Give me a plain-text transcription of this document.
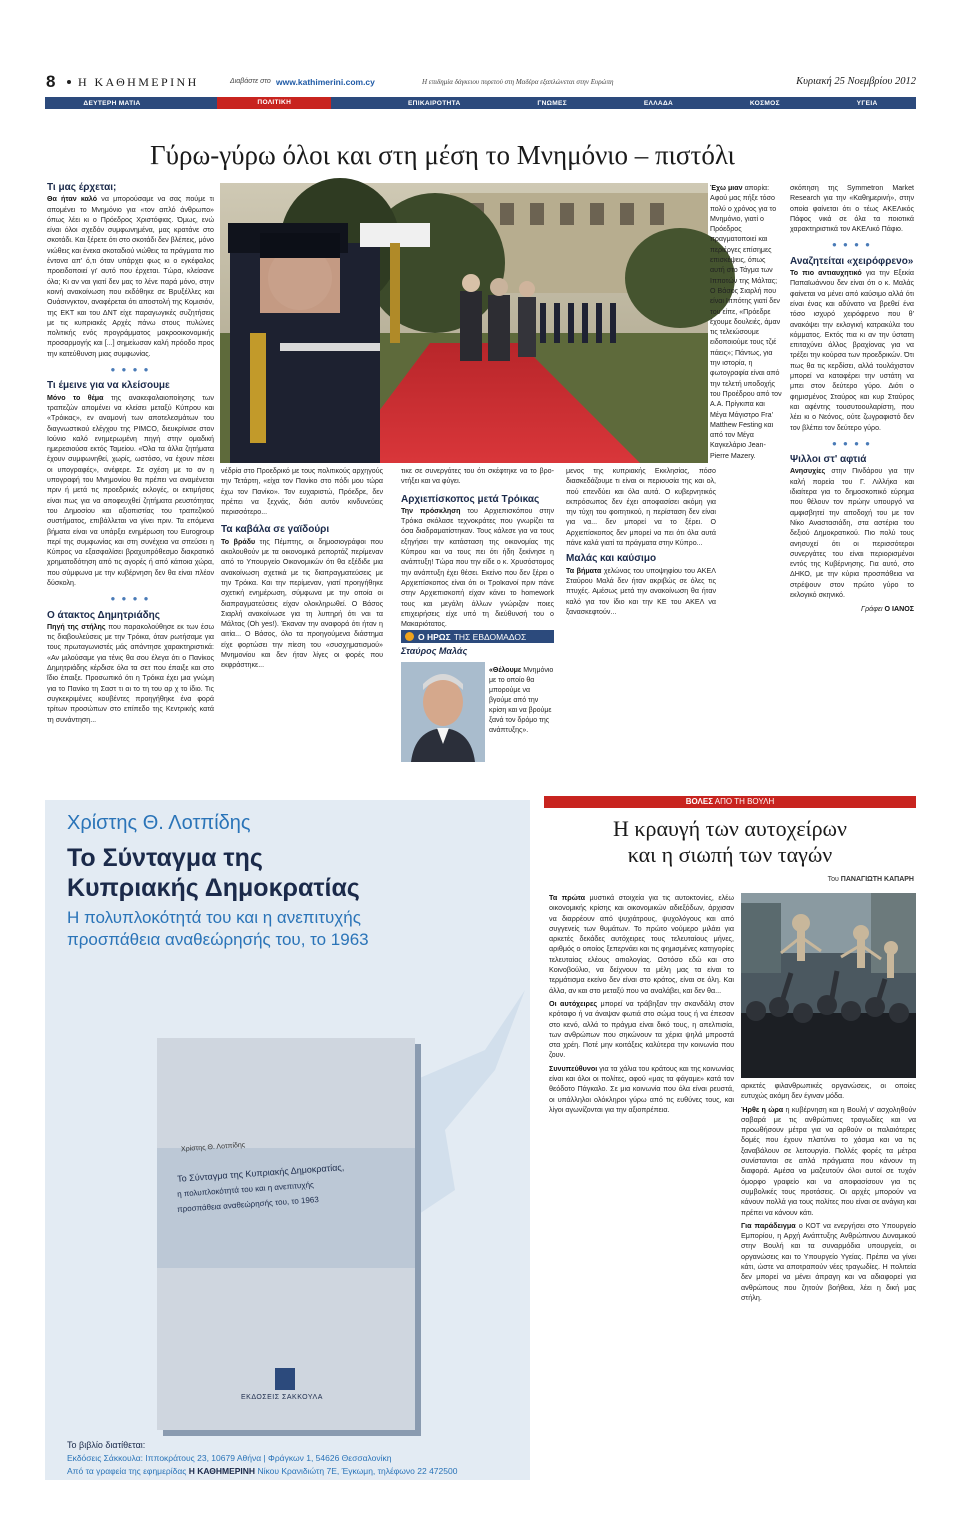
8 Η ΚΑΘΗΜΕΡΙΝΗ	Διαβάστε στο www.kathimerini.com.cy	Η επιδημία δάγκειου πυρετού στη Μαδέρα εξαπλώνεται στην Ευρώπη	Κυριακή 25 Νοεμβρίου 2012
ΔΕΥΤΕΡΗ ΜΑΤΙΑ	ΠΟΛΙΤΙΚΗ	ΕΠΙΚΑΙΡΟΤΗΤΑ	ΓΝΩΜΕΣ	ΕΛΛΑΔΑ	ΚΟΣΜΟΣ	ΥΓΕΙΑ
Γύρω-γύρω όλοι και στη μέση το Μνημόνιο – πιστόλι
Τι μας έρχεται;

Θα ήταν καλό να μπορούσαμε να σας πούμε τι απομένει το Μνημόνιο για «τον απλό άνθρωπο» όπως λέει κι ο Πρόεδρος Χριστόφιας. Όμως, ενώ είναι όλοι σχεδόν συμφωνημένα, μας κρατάνε στο σκοτάδι. Και ξέρετε ότι στο σκοτάδι δεν βλέπεις, μόνο νιώθεις και ένεκα σκοταδιού νιώθεις τα πράγματα πιο έντονα απ' ό,τι όταν υπάρχει φως κι ο εγκέφαλος προειδοποιεί γι' αυτό που έρχεται. Τώρα, κλείσανε όλα; Κι αν ναι γιατί δεν μας το λένε παρά μόνο, στην κοινή ανακοίνωση που εκδόθηκε σε Βρυξέλλες και Ουάσινγκτον, αναφέρεται ότι αποστολή της Κομισιόν, της ΕΚΤ και του ΔΝΤ είχε παραγωγικές συζητήσεις με τις κυπριακές Αρχές πάνω στους πυλώνες πολιτικής ενός προγράμματος μακροοικονομικής προσαρμογής και [...] σημείωσαν καλή πρόοδο προς την κατεύθυνση μιας συμφωνίας.

● ● ● ●
Τι έμεινε για να κλείσουμε

Μόνο το θέμα της ανακεφαλαιοποίησης των τραπεζών απομένει να κλείσει μεταξύ Κύπρου και «Τρόικας», εν αναμονή των αποτελεσμάτων του διαγνωστικού ελέγχου της PIMCO, διευκρίνισε στον Ιούνιο καλό ενημερωμένη πηγή στην ομαδική ημερεσιούσα εκτός Ταμείου. «Όλα τα άλλα ζητήματα έχουν συμφωνηθεί, χωρίς, ωστόσο, να έχουν πέσει οι υπογραφές», ανέφερε. Σε σχέση με το αν η υπογραφή του Μνημονίου θα πρέπει να αναμένεται πριν ή μετά τις προεδρικές εκλογές, οι εκτιμήσεις είναι πως για να αποφευχθεί ζητήματα ρευστότητας του Δημοσίου και αξιοπιστίας του τραπεζικού συστήματος, επιβάλλεται να γίνει πριν. Τα επόμενα βήματα είναι να υπάρξει ενημέρωση του Eurogroup περί της συμφωνίας και στη συνέχεια να σπεύσει η Κύπρος να εξασφαλίσει βραχυπρόθεσμο διακρατικό χρηματοδότηση από τις αγορές ή από κάποια χώρα, που σύμφωνα με την κυβέρνηση δεν θα είναι πλέον δύσκολη.

● ● ● ●
Ο άτακτος Δημητριάδης

Πηγή της στήλης που παρακολούθησε εκ των έσω τις διαβουλεύσεις με την Τρόικα, όταν ρωτήσαμε για τους πρωταγωνιστές μάς απάντησε χαρακτηριστικά: «Αν μιλούσαμε για τένις θα σου έλεγα ότι ο Πανίκος Δημητριάδης κέρδισε όλα τα σετ που έπαιξε και στο ΐδιο έπαιξε. Προσωπικό ότι η Τρόικα έχει μια γνώμη για το Πανίκο τη Σαστ τι αι το τη του αρ χ το ίδιο. Τις συγκεκριμένες κουβέντες προηγήθηκε ένα φορά τρίτων προσώπων στο επίπεδο της Κεντρικής κατά τη συνάντηση...

νέδρία στο Προεδρικό με τους πολιτικούς αρχηγούς την Τετάρτη, «είχα τον Πανίκο στο πόδι μου τώρα έχω τον Πανίκο». Τον ευχαριστώ, Πρόεδρε, δεν πρέπει να ξεχνάς, διότι αυτόν κινδυνεύεις περισσότερο...

Τα καβάλα σε γαϊδούρι

Το βράδυ της Πέμπτης, οι δημοσιογράφοι που ακολουθούν με τα οικονομικά ρεπορτάζ περίμεναν από το Υπουργείο Οικονομικών ότι θα εξέδιδε μια ανακοίνωση σχετικά με τις διαπραγματεύσεις με την Τρόικα. Και την περίμεναν, γιατί προηγήθηκε σχετική ενημέρωση, σύμφωνα με την οποία οι διαπραγματεύσεις είχαν ολοκληρωθεί. Ο Βάσος Σιαρλή ανακοίνωσε για τη λυπηρή ότι ναι τα Μάλτας (Oh yes!). Έκαναν την αναφορά ότι ήταν η αιτία... Ο Βάσος, όλο τα προηγούμενα διάστημα είχε φορτώσει την πίεση του «συσχηματισμού» Μνημονίου και δεν ήταν λίγες οι φορές που εκφράστηκε...

τικε σε συνεργάτες του ότι σκέφτηκε να το βρο- ντήξει και να φύγει.

Αρχιεπίσκοπος μετά Τρόικας

Την πρόσκληση του Αρχιεπισκόπου στην Τρόικα σκόλασε τεχνοκράτες που γνωρίζει τα όσα διαδραματίστηκαν. Τους κάλεσε για να τους εξηγήσει την κατάσταση της οικονομίας της Κύπρου και να τους πει ότι ήδη ξεκίνησε η ανάπτυξη! Τώρα που την είδε ο κ. Χρυσόστομος την ανάπτυξη έχει θέσει. Εκείνο που δεν ξέρει ο Αρχιεπίσκοπος είναι ότι οι Τροϊκανοί πριν πάνε στην Αρχιεπισκοπή είχαν κάνει το homework τους και μεγάλη άλλων γνώριζαν ποιες επιχειρήσεις είχε υπό τη διεύθυνσή του ο Μακαριότατος.

Ο ΗΡΩΣ ΤΗΣ ΕΒΔΟΜΑΔΟΣ
Σταύρος Μαλάς
«Θέλουμε Μνημόνιο με το οποίο θα μπορούμε να βγούμε από την κρίση και να βρούμε ξανά τον δρόμο της ανάπτυξης».

μενος της κυπριακής Εκκλησίας, πόσο διασκεδάζουμε τι είναι οι περιουσία της και ολ, πού επενδύει και όλα αυτά. Ο κυβερνητικός εκπρόσωπος δεν έχει αποφασίσει ακόμη για την τύχη του φοιτητικού, η περίσταση δεν είναι για να... δεν μπορεί να το ξέρει. Ο Αρχιεπίσκοπος δεν μπορεί να πει ότι όλα αυτά πάνε καλά γιατί τα πράγματα στην Κύπρο...

Μαλάς και καύσιμο

Τα βήματα χελώνας του υποψηφίου του ΑΚΕΛ Σταύρου Μαλά δεν ήταν ακριβώς σε όλες τις πτυχές. Αμέσως μετά την ανακοίνωση θα ήταν καλό για τον ίδιο και την ΚΕ του ΑΚΕΛ να ξανασκεφτούν...

Έχω μιαν απορία: Αφού μας πήξε τόσο πολύ ο χρόνος για το Μνημόνιο, γιατί ο Πρόεδρος πραγματοποιεί και περιέργες επίσημες επισκέψεις, όπως αυτή στο Τάγμα των Ιπποτών της Μάλτας; Ο Βάσος Σιαρλή που είναι Ιππότης γιατί δεν του είπε, «Πρόεδρε έχουμε δουλειές, άμαν τις τελειώσουμε ειδοποιούμε τους τζιέ πάεις»; Πάντως, για την ιστορία, η φωτογραφία είναι από την τελετή υποδοχής του Προέδρου από τον Α.Α. Πρίγκιπα και Μέγα Μάγιστρο Fra' Matthew Festing και από τον Μέγα Καγκελάριο Jean-Pierre Mazery.

σκόπηση της Symmetron Market Research για την «Καθημερινή», στην οποία φαίνεται ότι ο τέως ΑΚΕΛικός Πάφος νικά σε όλα τα ποιοτικά χαρακτηριστικά τον ΑΚΕΛικό Πάφιο.

● ● ● ●
Αναζητείται «χειρόφρενο»

Το πιο αντιαυχητικό για την Εξεκία Παπαϊωάννου δεν είναι ότι ο κ. Μαλάς φαίνεται να μένει από καύσιμο αλλά ότι είναι ένας και αδύνατο να βρεθεί ένα τόσο ισχυρό χειρόφρενο που θ' ανακόψει την εκλογική κατρακύλα του κόμματος. Εκτός πια κι αν την ύστατη επιταχύνει άλλος βραχίονας για να τρέξει την κούρσα των προεδρικών. Ότι πως θα τις κερδίσει, αλλά τουλάχιστον μπορεί να καταφέρει την υστάτη να μπει στον δεύτερο γύρο. Διότι ο φημισμένος Σταύρος και κυρ Σταύρος και αφέντης τουσυτοουλαρίστη, που λέει κι ο Νεόνος, ούτε ζωγραφιστό δεν τον βλέπει τον δεύτερο γύρο.

● ● ● ●
Ψιλλοι στ' αφτιά

Ανησυχίες στην Πινδάρου για την καλή πορεία του Γ. Λιλλήκα και ιδιαίτερα για το δημοσκοπικό εύρημα που θέλουν τον πρώην υπουργό να αμφισβητεί την αποδοχή του με τον Νίκο Αναστασιάδη, στα αστέρια του δεξιού Δημοκρατικού. Πιο πολύ τους ανησυχεί ότι οι περισσότεροι συνεργάτες του είναι περιορισμένοι εντός της Κυβέρνησης. Για αυτό, στο ΔΗΚΟ, με την κύρια προσπάθεια να στρέψουν στον πρώτο γύρο το εκλογικό σκηνικό.

Γράφει Ο ΙΑΝΟΣ

Χρίστης Θ. Λοτπίδης
Το Σύνταγμα της
Κυπριακής Δημοκρατίας
Η πολυπλοκότητά του και η ανεπιτυχής
προσπάθεια αναθεώρησής του, το 1963
Χρίστης Θ. Λοτπίδης
Το Σύνταγμα της Κυπριακής Δημοκρατίας,
η πολυπλοκότητά του και η ανεπιτυχής
προσπάθεια αναθεώρησής του, το 1963
ΕΚΔΟΣΕΙΣ ΣΑΚΚΟΥΛΑ
Το βιβλίο διατίθεται:
Εκδόσεις Σάκκουλα: Ιπποκράτους 23, 10679 Αθήνα | Φράγκων 1, 54626 Θεσσαλονίκη
Από τα γραφεία της εφημερίδας Η ΚΑΘΗΜΕΡΙΝΗ Νίκου Κρανιδιώτη 7Ε, Έγκωμη, τηλέφωνο 22 472500
ΒΟΛΕΣ ΑΠΟ ΤΗ ΒΟΥΛΗ
Η κραυγή των αυτοχείρων
και η σιωπή των ταγών
Του ΠΑΝΑΓΙΩΤΗ ΚΑΠΑΡΗ

Τα πρώτα μυστικά στοιχεία για τις αυτοκτονίες, ελέω οικονομικής κρίσης και οικονομικών αδιεξόδων, άρχισαν να διαρρέουν από ψυχιάτρους, ψυχολόγους και από συγγενείς των θυμάτων. Το πρώτο νούμερο μιλάει για αρκετές δεκάδες αυτόχειρες τους τελευταίους μήνες, αριθμός ο οποίος ξεπερνάει και τις φημισμένες κατηγορίες τελευταίας ελέους αιτιολογίας. Ωστόσο εδώ και στο Κοινοβούλιο, να δείχνουν τα μέλη μας τα είναι το τερμάτισμα εκείνο δεν είναι στο κράτος, είναι σε όλη. Και άλλα, αν και στο μεταξύ που να αναλάβει, και δεν θα...

Οι αυτόχειρες μπορεί να τράβηξαν την σκανδάλη στον κρόταφο ή να άναψαν φωτιά στο σώμα τους ή να έπεσαν στο κενό, αλλά το πράγμα είναι δικό τους, η απελπισία, των ανθρώπων που σηκώνουν τα χέρια ψηλά μπροστά στα χρέη. Ποτέ μην κοιτάξεις καλύτερα την κοινωνία που ζουν.

Συνυπεύθυνοι για τα χάλια του κράτους και της κοινωνίας είναι και όλοι οι πολίτες, αφού «μας τα φάγαμε» κατά τον θεόδοτο Πάγκαλο. Σε μια κοινωνία που όλα είναι ρευστά, οι υπάλληλοι ολόκληροι γύρω από τις ευθύνες τους, και λίγοι αγωνίζονται για την αξιοπρέπεια.

αρκετές φιλανθρωπικές οργανώσεις, οι οποίες ευτυχώς ακόμη δεν έγιναν μόδα.

Ήρθε η ώρα η κυβέρνηση και η Βουλή ν' ασχοληθούν σοβαρά με τις ανθρώπινες τραγωδίες και να προωθήσουν μέτρα για να αρθούν οι παλαιότερες δομές που έχουν πλατύνει το χάσμα και να τις ξαναβάλουν σε λειτουργία. Πολλές φορές τα μέτρα συνίστανται σε απλά πράγματα που κάνουν τη διαφορά. Αμέσα να μαζευτούν όλοι αυτοί σε τυχόν όμορφο γραφείο και να αποφασίσουν για τις συμβολικές τους προτάσεις. Οι αρχές μπορούν να κάνουν πολλά για τους πολίτες που είναι σε ανάγκη και πρέπει να κάνουν κάτι.

Για παράδειγμα ο ΚΟΤ να ενεργήσει στο Υπουργείο Εμπορίου, η Αρχή Ανάπτυξης Ανθρώπινου Δυναμικού στην Βουλή και τα συναρμόδια υπουργεία, οι οργανώσεις και το Υπουργείο Υγείας. Πρέπει να γίνει κάτι, ώστε να αποτραπούν νέες τραγωδίες. Η πολιτεία δεν μπορεί να μένει άπραγη και να αδιαφορεί για ανθρώπους που ζητούν βοήθεια, λέει η δική μας στήλη.
